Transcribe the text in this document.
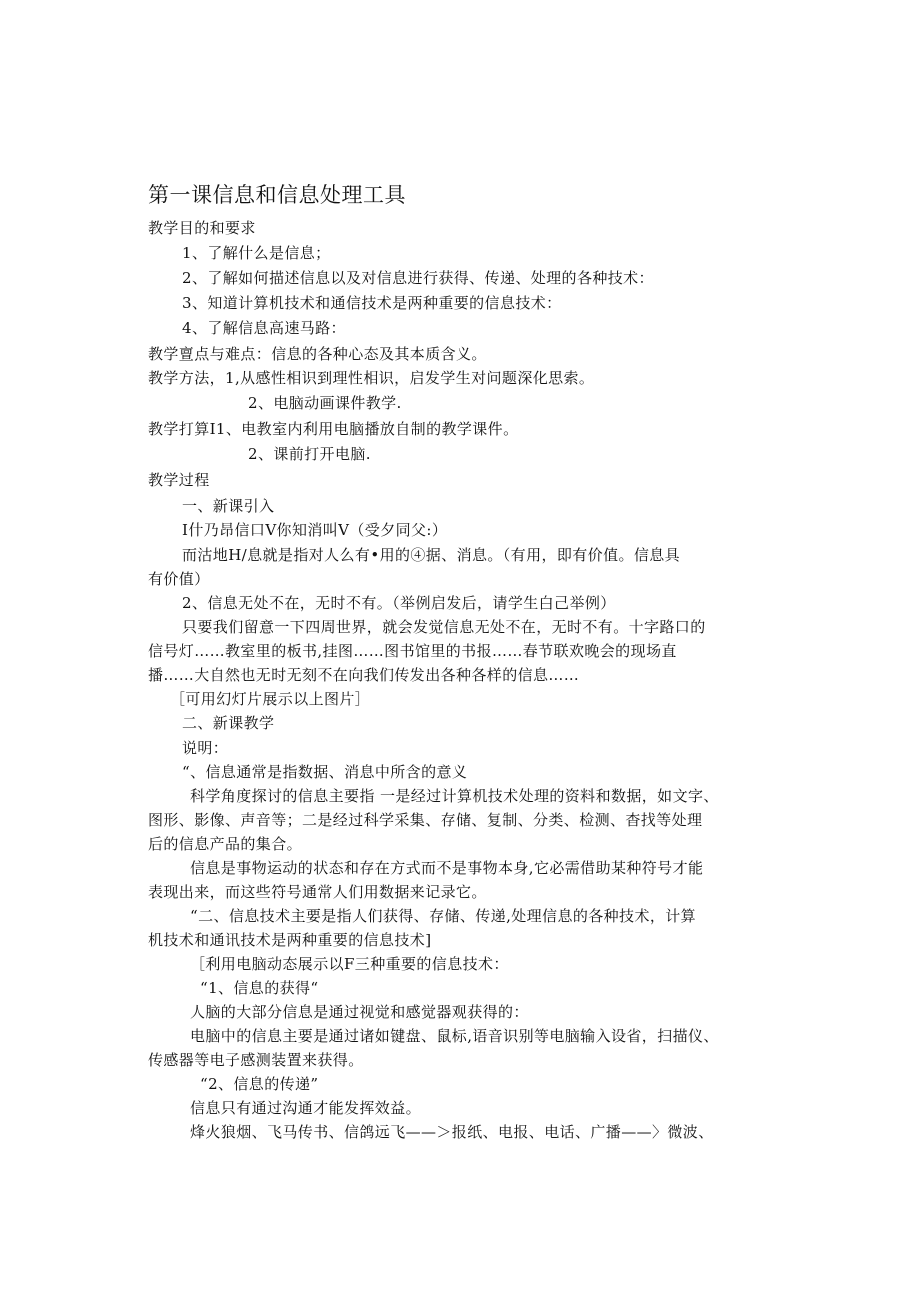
第一课信息和信息处理工具
教学目的和要求
1、了解什么是信息；
2、了解如何描述信息以及对信息进行获得、传递、处理的各种技术：
3、知道计算机技术和通信技术是两种重要的信息技术：
4、了解信息高速马路：
教学亶点与难点：信息的各种心态及其本质含义。
教学方法，1,从感性相识到理性相识，启发学生对问题深化思索。
2、电脑动画课件教学.
教学打算I1、电教室内利用电脑播放自制的教学课件。
2、课前打开电脑.
教学过程
一、新课引入
I什乃昂信口V你知消叫V（受夕同父:）
而沽地H/息就是指对人么有•用的④据、消息。（有用，即有价值。信息具
有价值）
2、信息无处不在，无时不有。（举例启发后，请学生白己举例）
只要我们留意一下四周世界，就会发觉信息无处不在，无时不有。十字路口的
信号灯……教室里的板书,挂图……图书馆里的书报……春节联欢晚会的现场直
播……大自然也无时无刻不在向我们传发出各种各样的信息……
［可用幻灯片展示以上图片］
二、新课教学
说明：
“、信息通常是指数据、消息中所含的意义
科学角度探讨的信息主要指 一是经过计算机技术处理的资料和数据，如文字、
图形、影像、声音等；二是经过科学采集、存储、复制、分类、检测、杳找等处理
后的信息产品的集合。
信息是事物运动的状态和存在方式而不是事物本身,它必需借助某种符号才能
表现出来，而这些符号通常人们用数据来记录它。
“二、信息技术主要是指人们获得、存储、传递,处理信息的各种技术，计算
机技术和通讯技术是两种重要的信息技术]
［利用电脑动态展示以F三种重要的信息技术：
“1、信息的获得“
人脑的大部分信息是通过视觉和感觉器观获得的：
电脑中的信息主要是通过诸如键盘、鼠标,语音识别等电脑输入设省，扫描仪、
传感器等电子感测装置来获得。
“2、信息的传递”
信息只有通过沟通才能发挥效益。
烽火狼烟、飞马传书、信鸽远飞——＞报纸、电报、电话、广播——〉微波、
